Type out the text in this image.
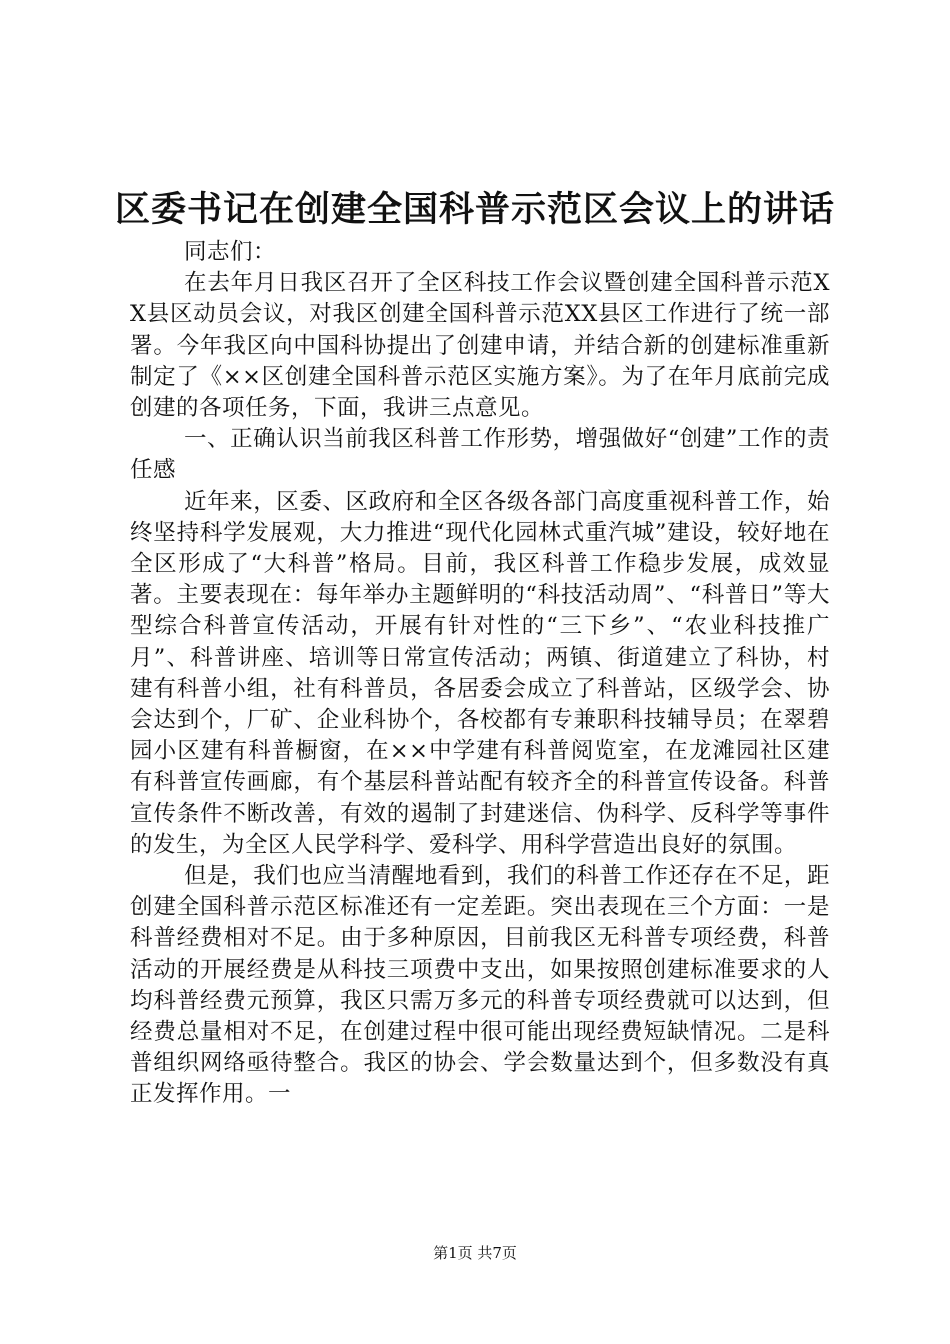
区委书记在创建全国科普示范区会议上的讲话

同志们：

在去年月日我区召开了全区科技工作会议暨创建全国科普示范XX县区动员会议，对我区创建全国科普示范XX县区工作进行了统一部署。今年我区向中国科协提出了创建申请，并结合新的创建标准重新制定了《××区创建全国科普示范区实施方案》。为了在年月底前完成创建的各项任务，下面，我讲三点意见。

一、正确认识当前我区科普工作形势，增强做好“创建”工作的责任感

近年来，区委、区政府和全区各级各部门高度重视科普工作，始终坚持科学发展观，大力推进“现代化园林式重汽城”建设，较好地在全区形成了“大科普”格局。目前，我区科普工作稳步发展，成效显著。主要表现在：每年举办主题鲜明的“科技活动周”、“科普日”等大型综合科普宣传活动，开展有针对性的“三下乡”、“农业科技推广月”、科普讲座、培训等日常宣传活动；两镇、街道建立了科协，村建有科普小组，社有科普员，各居委会成立了科普站，区级学会、协会达到个，厂矿、企业科协个，各校都有专兼职科技辅导员；在翠碧园小区建有科普橱窗，在××中学建有科普阅览室，在龙滩园社区建有科普宣传画廊，有个基层科普站配有较齐全的科普宣传设备。科普宣传条件不断改善，有效的遏制了封建迷信、伪科学、反科学等事件的发生，为全区人民学科学、爱科学、用科学营造出良好的氛围。

但是，我们也应当清醒地看到，我们的科普工作还存在不足，距创建全国科普示范区标准还有一定差距。突出表现在三个方面：一是科普经费相对不足。由于多种原因，目前我区无科普专项经费，科普活动的开展经费是从科技三项费中支出，如果按照创建标准要求的人均科普经费元预算，我区只需万多元的科普专项经费就可以达到，但经费总量相对不足，在创建过程中很可能出现经费短缺情况。二是科普组织网络亟待整合。我区的协会、学会数量达到个，但多数没有真正发挥作用。一

第1页 共7页
